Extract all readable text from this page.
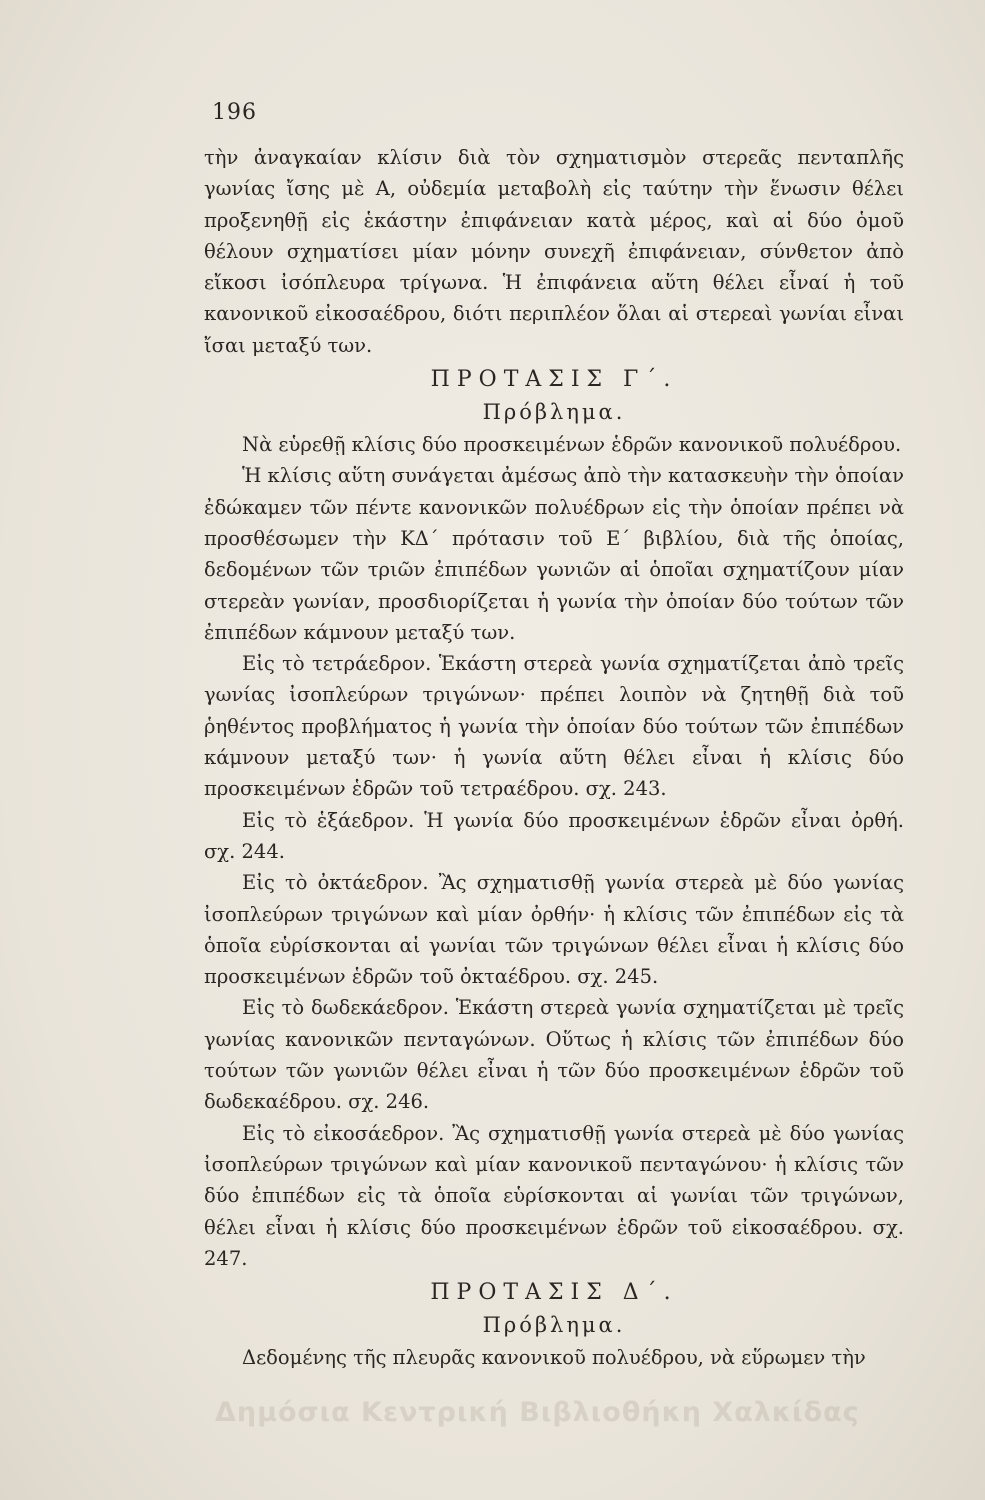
196

τὴν ἀναγκαίαν κλίσιν διὰ τὸν σχηματισμὸν στερεᾶς πενταπλῆς γωνίας ἴσης μὲ Α, οὐδεμία μεταβολὴ εἰς ταύτην τὴν ἕνωσιν θέλει προξενηθῇ εἰς ἑκάστην ἐπιφάνειαν κατὰ μέρος, καὶ αἱ δύο ὁμοῦ θέλουν σχηματίσει μίαν μόνην συνεχῆ ἐπιφάνειαν, σύνθετον ἀπὸ εἴκοσι ἰσόπλευρα τρίγωνα. Ἡ ἐπιφάνεια αὕτη θέλει εἶναί ἡ τοῦ κανονικοῦ εἰκοσαέδρου, διότι περιπλέον ὅλαι αἱ στερεαὶ γωνίαι εἶναι ἴσαι μεταξύ των.

ΠΡΟΤΑΣΙΣ Γ΄.
Πρόβλημα.

Νὰ εὑρεθῇ κλίσις δύο προσκειμένων ἑδρῶν κανονικοῦ πολυέδρου.

Ἡ κλίσις αὕτη συνάγεται ἀμέσως ἀπὸ τὴν κατασκευὴν τὴν ὁποίαν ἐδώκαμεν τῶν πέντε κανονικῶν πολυέδρων εἰς τὴν ὁποίαν πρέπει νὰ προσθέσωμεν τὴν ΚΔ΄ πρότασιν τοῦ Ε΄ βιβλίου, διὰ τῆς ὁποίας, δεδομένων τῶν τριῶν ἐπιπέδων γωνιῶν αἱ ὁποῖαι σχηματίζουν μίαν στερεὰν γωνίαν, προσδιορίζεται ἡ γωνία τὴν ὁποίαν δύο τούτων τῶν ἐπιπέδων κάμνουν μεταξύ των.

Εἰς τὸ τετράεδρον. Ἑκάστη στερεὰ γωνία σχηματίζεται ἀπὸ τρεῖς γωνίας ἰσοπλεύρων τριγώνων· πρέπει λοιπὸν νὰ ζητηθῇ διὰ τοῦ ῥηθέντος προβλήματος ἡ γωνία τὴν ὁποίαν δύο τούτων τῶν ἐπιπέδων κάμνουν μεταξύ των· ἡ γωνία αὕτη θέλει εἶναι ἡ κλίσις δύο προσκειμένων ἑδρῶν τοῦ τετραέδρου. σχ. 243.

Εἰς τὸ ἑξάεδρον. Ἡ γωνία δύο προσκειμένων ἑδρῶν εἶναι ὀρθή. σχ. 244.

Εἰς τὸ ὀκτάεδρον. Ἂς σχηματισθῇ γωνία στερεὰ μὲ δύο γωνίας ἰσοπλεύρων τριγώνων καὶ μίαν ὀρθήν· ἡ κλίσις τῶν ἐπιπέδων εἰς τὰ ὁποῖα εὑρίσκονται αἱ γωνίαι τῶν τριγώνων θέλει εἶναι ἡ κλίσις δύο προσκειμένων ἑδρῶν τοῦ ὀκταέδρου. σχ. 245.

Εἰς τὸ δωδεκάεδρον. Ἑκάστη στερεὰ γωνία σχηματίζεται μὲ τρεῖς γωνίας κανονικῶν πενταγώνων. Οὕτως ἡ κλίσις τῶν ἐπιπέδων δύο τούτων τῶν γωνιῶν θέλει εἶναι ἡ τῶν δύο προσκειμένων ἑδρῶν τοῦ δωδεκαέδρου. σχ. 246.

Εἰς τὸ εἰκοσάεδρον. Ἂς σχηματισθῇ γωνία στερεὰ μὲ δύο γωνίας ἰσοπλεύρων τριγώνων καὶ μίαν κανονικοῦ πενταγώνου· ἡ κλίσις τῶν δύο ἐπιπέδων εἰς τὰ ὁποῖα εὑρίσκονται αἱ γωνίαι τῶν τριγώνων, θέλει εἶναι ἡ κλίσις δύο προσκειμένων ἑδρῶν τοῦ εἰκοσαέδρου. σχ. 247.

ΠΡΟΤΑΣΙΣ Δ΄.
Πρόβλημα.

Δεδομένης τῆς πλευρᾶς κανονικοῦ πολυέδρου, νὰ εὕρωμεν τὴν

Δημόσια Κεντρική Βιβλιοθήκη Χαλκίδας
